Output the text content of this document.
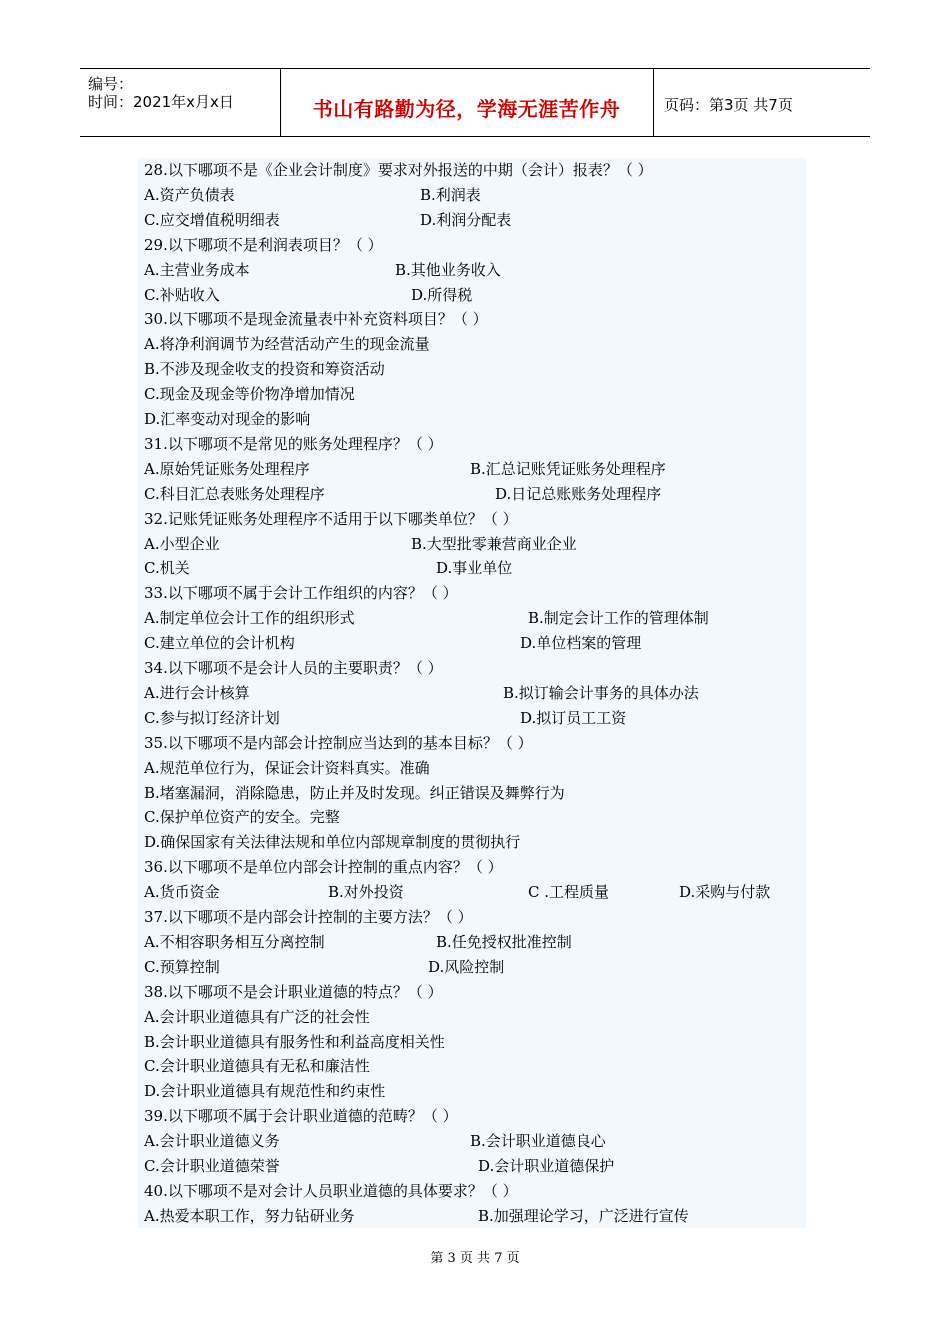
编号：
时间：2021年x月x日	书山有路勤为径，学海无涯苦作舟	页码：第3页 共7页
28.以下哪项不是《企业会计制度》要求对外报送的中期（会计）报表？（ ）
A.资产负债表	B.利润表
C.应交增值税明细表	D.利润分配表
29.以下哪项不是利润表项目？（ ）
A.主营业务成本	B.其他业务收入
C.补贴收入	D.所得税
30.以下哪项不是现金流量表中补充资料项目？（ ）
A.将净利润调节为经营活动产生的现金流量
B.不涉及现金收支的投资和筹资活动
C.现金及现金等价物净增加情况
D.汇率变动对现金的影响
31.以下哪项不是常见的账务处理程序？（ ）
A.原始凭证账务处理程序	B.汇总记账凭证账务处理程序
C.科目汇总表账务处理程序	D.日记总账账务处理程序
32.记账凭证账务处理程序不适用于以下哪类单位？（ ）
A.小型企业	B.大型批零兼营商业企业
C.机关	D.事业单位
33.以下哪项不属于会计工作组织的内容？（ ）
A.制定单位会计工作的组织形式	B.制定会计工作的管理体制
C.建立单位的会计机构	D.单位档案的管理
34.以下哪项不是会计人员的主要职责？（ ）
A.进行会计核算	B.拟订输会计事务的具体办法
C.参与拟订经济计划	D.拟订员工工资
35.以下哪项不是内部会计控制应当达到的基本目标？（ ）
A.规范单位行为，保证会计资料真实。准确
B.堵塞漏洞，消除隐患，防止并及时发现。纠正错误及舞弊行为
C.保护单位资产的安全。完整
D.确保国家有关法律法规和单位内部规章制度的贯彻执行
36.以下哪项不是单位内部会计控制的重点内容？（ ）
A.货币资金	B.对外投资	C .工程质量	D.采购与付款
37.以下哪项不是内部会计控制的主要方法？（ ）
A.不相容职务相互分离控制	B.任免授权批准控制
C.预算控制	D.风险控制
38.以下哪项不是会计职业道德的特点？（ ）
A.会计职业道德具有广泛的社会性
B.会计职业道德具有服务性和利益高度相关性
C.会计职业道德具有无私和廉洁性
D.会计职业道德具有规范性和约束性
39.以下哪项不属于会计职业道德的范畴？（ ）
A.会计职业道德义务	B.会计职业道德良心
C.会计职业道德荣誉	D.会计职业道德保护
40.以下哪项不是对会计人员职业道德的具体要求？（ ）
A.热爱本职工作，努力钻研业务	B.加强理论学习，广泛进行宣传
第 3 页 共 7 页
